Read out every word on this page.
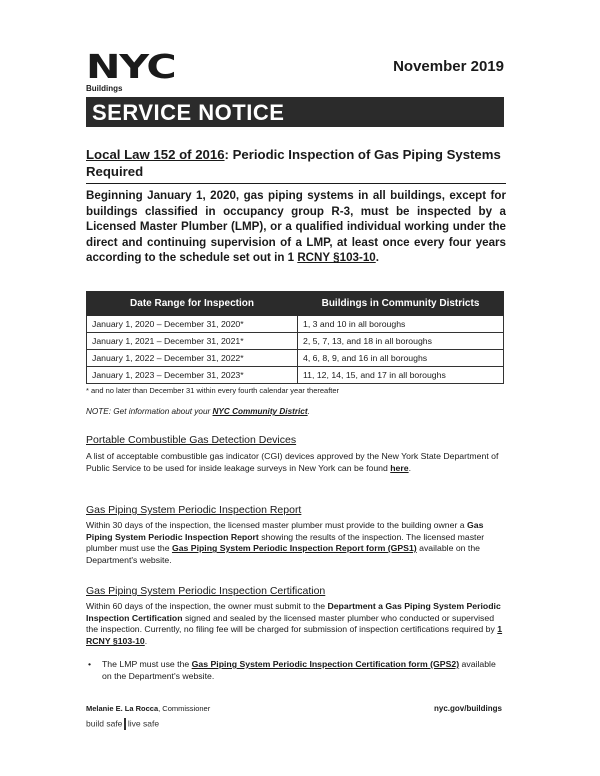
NYC
Buildings
November 2019
SERVICE NOTICE
Local Law 152 of 2016: Periodic Inspection of Gas Piping Systems Required
Beginning January 1, 2020, gas piping systems in all buildings, except for buildings classified in occupancy group R-3, must be inspected by a Licensed Master Plumber (LMP), or a qualified individual working under the direct and continuing supervision of a LMP, at least once every four years according to the schedule set out in 1 RCNY §103-10.
Date Range for Inspection	Buildings in Community Districts
January 1, 2020 – December 31, 2020*	1, 3 and 10 in all boroughs
January 1, 2021 – December 31, 2021*	2, 5, 7, 13, and 18 in all boroughs
January 1, 2022 – December 31, 2022*	4, 6, 8, 9, and 16 in all boroughs
January 1, 2023 – December 31, 2023*	11, 12, 14, 15, and 17 in all boroughs
* and no later than December 31 within every fourth calendar year thereafter
NOTE: Get information about your NYC Community District.
Portable Combustible Gas Detection Devices
A list of acceptable combustible gas indicator (CGI) devices approved by the New York State Department of Public Service to be used for inside leakage surveys in New York can be found here.
Gas Piping System Periodic Inspection Report
Within 30 days of the inspection, the licensed master plumber must provide to the building owner a Gas Piping System Periodic Inspection Report showing the results of the inspection. The licensed master plumber must use the Gas Piping System Periodic Inspection Report form (GPS1) available on the Department's website.
Gas Piping System Periodic Inspection Certification
Within 60 days of the inspection, the owner must submit to the Department a Gas Piping System Periodic Inspection Certification signed and sealed by the licensed master plumber who conducted or supervised the inspection. Currently, no filing fee will be charged for submission of inspection certifications required by 1 RCNY §103-10.
• The LMP must use the Gas Piping System Periodic Inspection Certification form (GPS2) available on the Department's website.
Melanie E. La Rocca, Commissioner
build safe live safe
nyc.gov/buildings
